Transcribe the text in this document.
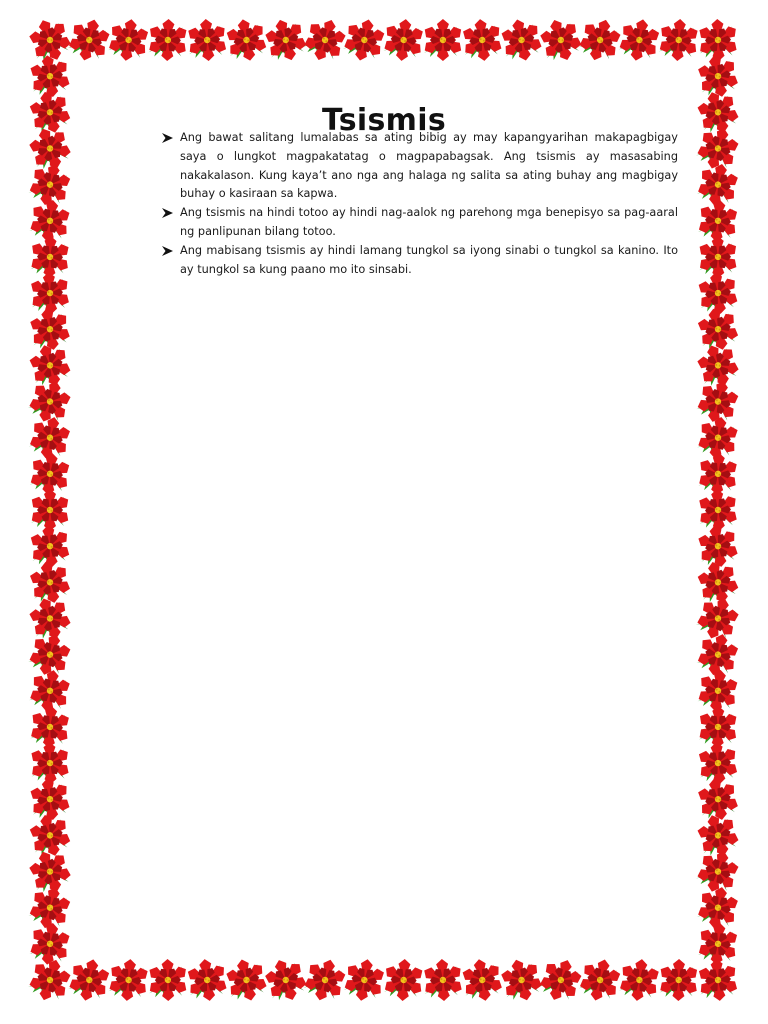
Tsismis
Ang bawat salitang lumalabas sa ating bibig ay may kapangyarihan makapagbigay saya o lungkot magpakatatag o magpapabagsak. Ang tsismis ay masasabing nakakalason. Kung kaya’t ano nga ang halaga ng salita sa ating buhay ang magbigay buhay o kasiraan sa kapwa.
Ang tsismis na hindi totoo ay hindi nag-aalok ng parehong mga benepisyo sa pag-aaral ng panlipunan bilang totoo.
Ang mabisang tsismis ay hindi lamang tungkol sa iyong sinabi o tungkol sa kanino. Ito ay tungkol sa kung paano mo ito sinsabi.
